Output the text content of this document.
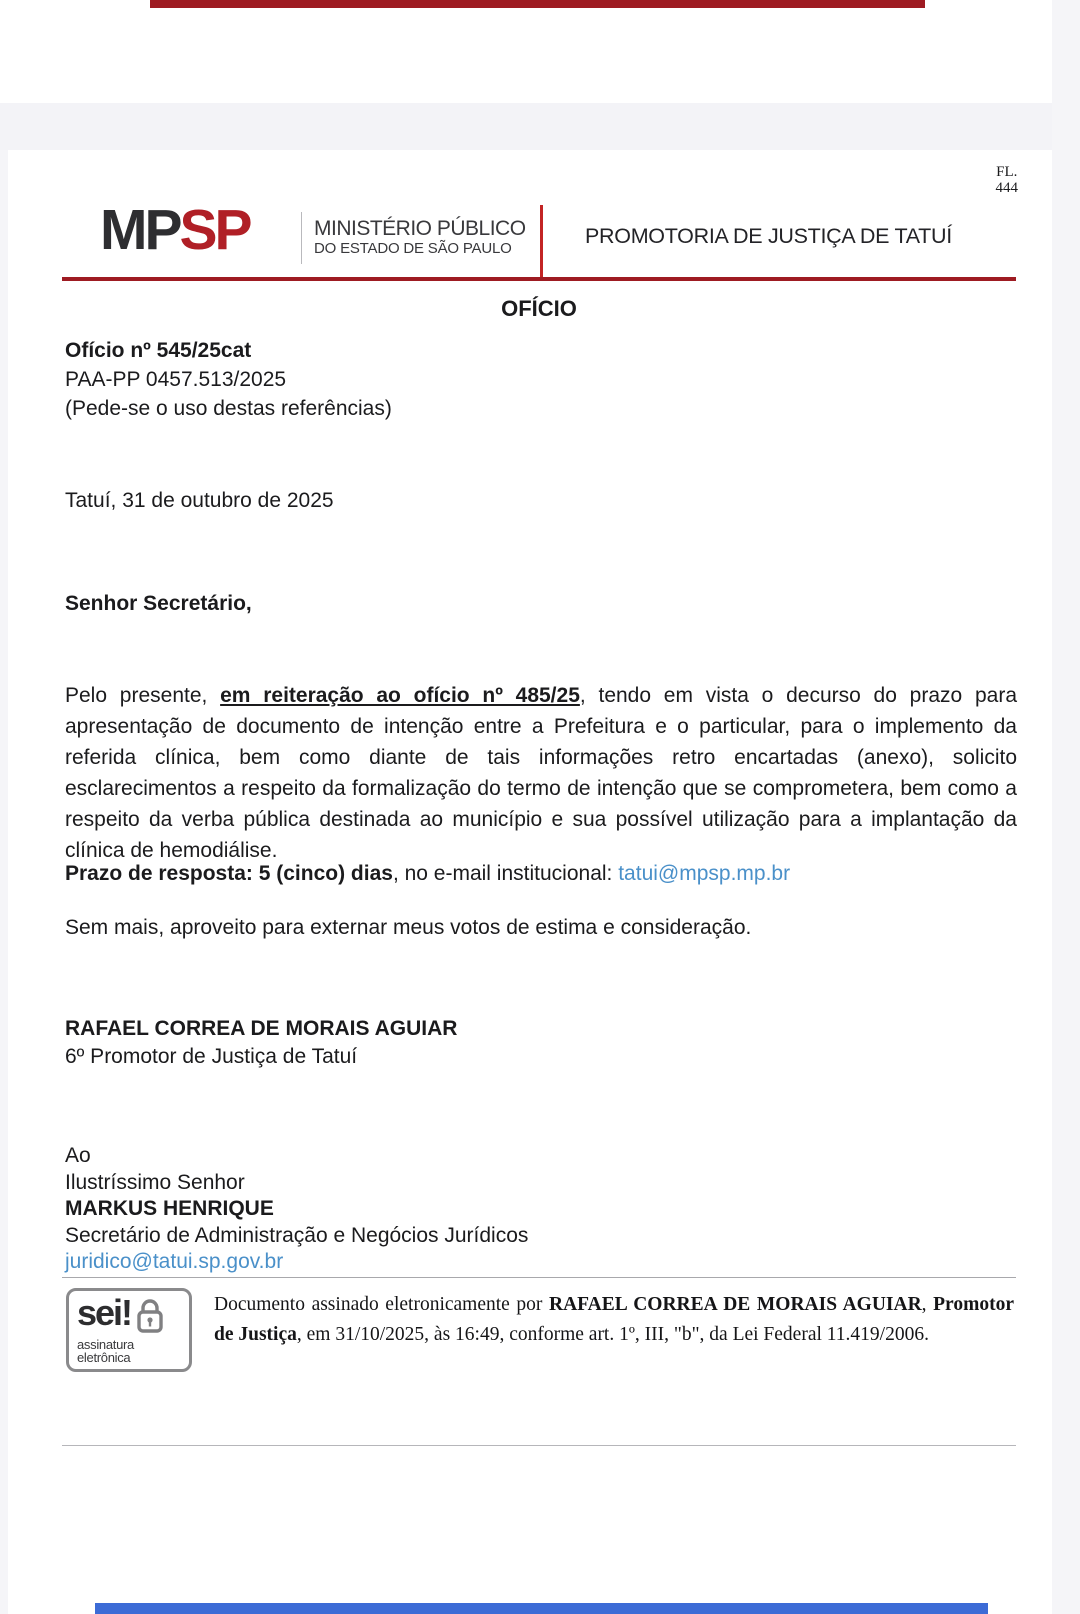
FL.
444
MPSP	MINISTÉRIO PÚBLICO
DO ESTADO DE SÃO PAULO
PROMOTORIA DE JUSTIÇA DE TATUÍ
OFÍCIO
Ofício nº 545/25cat
PAA-PP 0457.513/2025
(Pede-se o uso destas referências)
Tatuí, 31 de outubro de 2025
Senhor Secretário,
Pelo presente, em reiteração ao ofício nº 485/25, tendo em vista o decurso do prazo para apresentação de documento de intenção entre a Prefeitura e o particular, para o implemento da referida clínica, bem como diante de tais informações retro encartadas (anexo), solicito esclarecimentos a respeito da formalização do termo de intenção que se comprometera, bem como a respeito da verba pública destinada ao município e sua possível utilização para a implantação da clínica de hemodiálise.
Prazo de resposta: 5 (cinco) dias, no e-mail institucional: tatui@mpsp.mp.br
Sem mais, aproveito para externar meus votos de estima e consideração.
RAFAEL CORREA DE MORAIS AGUIAR
6º Promotor de Justiça de Tatuí
Ao
Ilustríssimo Senhor
MARKUS HENRIQUE
Secretário de Administração e Negócios Jurídicos
juridico@tatui.sp.gov.br
sei!
assinatura
eletrônica
Documento assinado eletronicamente por RAFAEL CORREA DE MORAIS AGUIAR, Promotor de Justiça, em 31/10/2025, às 16:49, conforme art. 1º, III, "b", da Lei Federal 11.419/2006.
